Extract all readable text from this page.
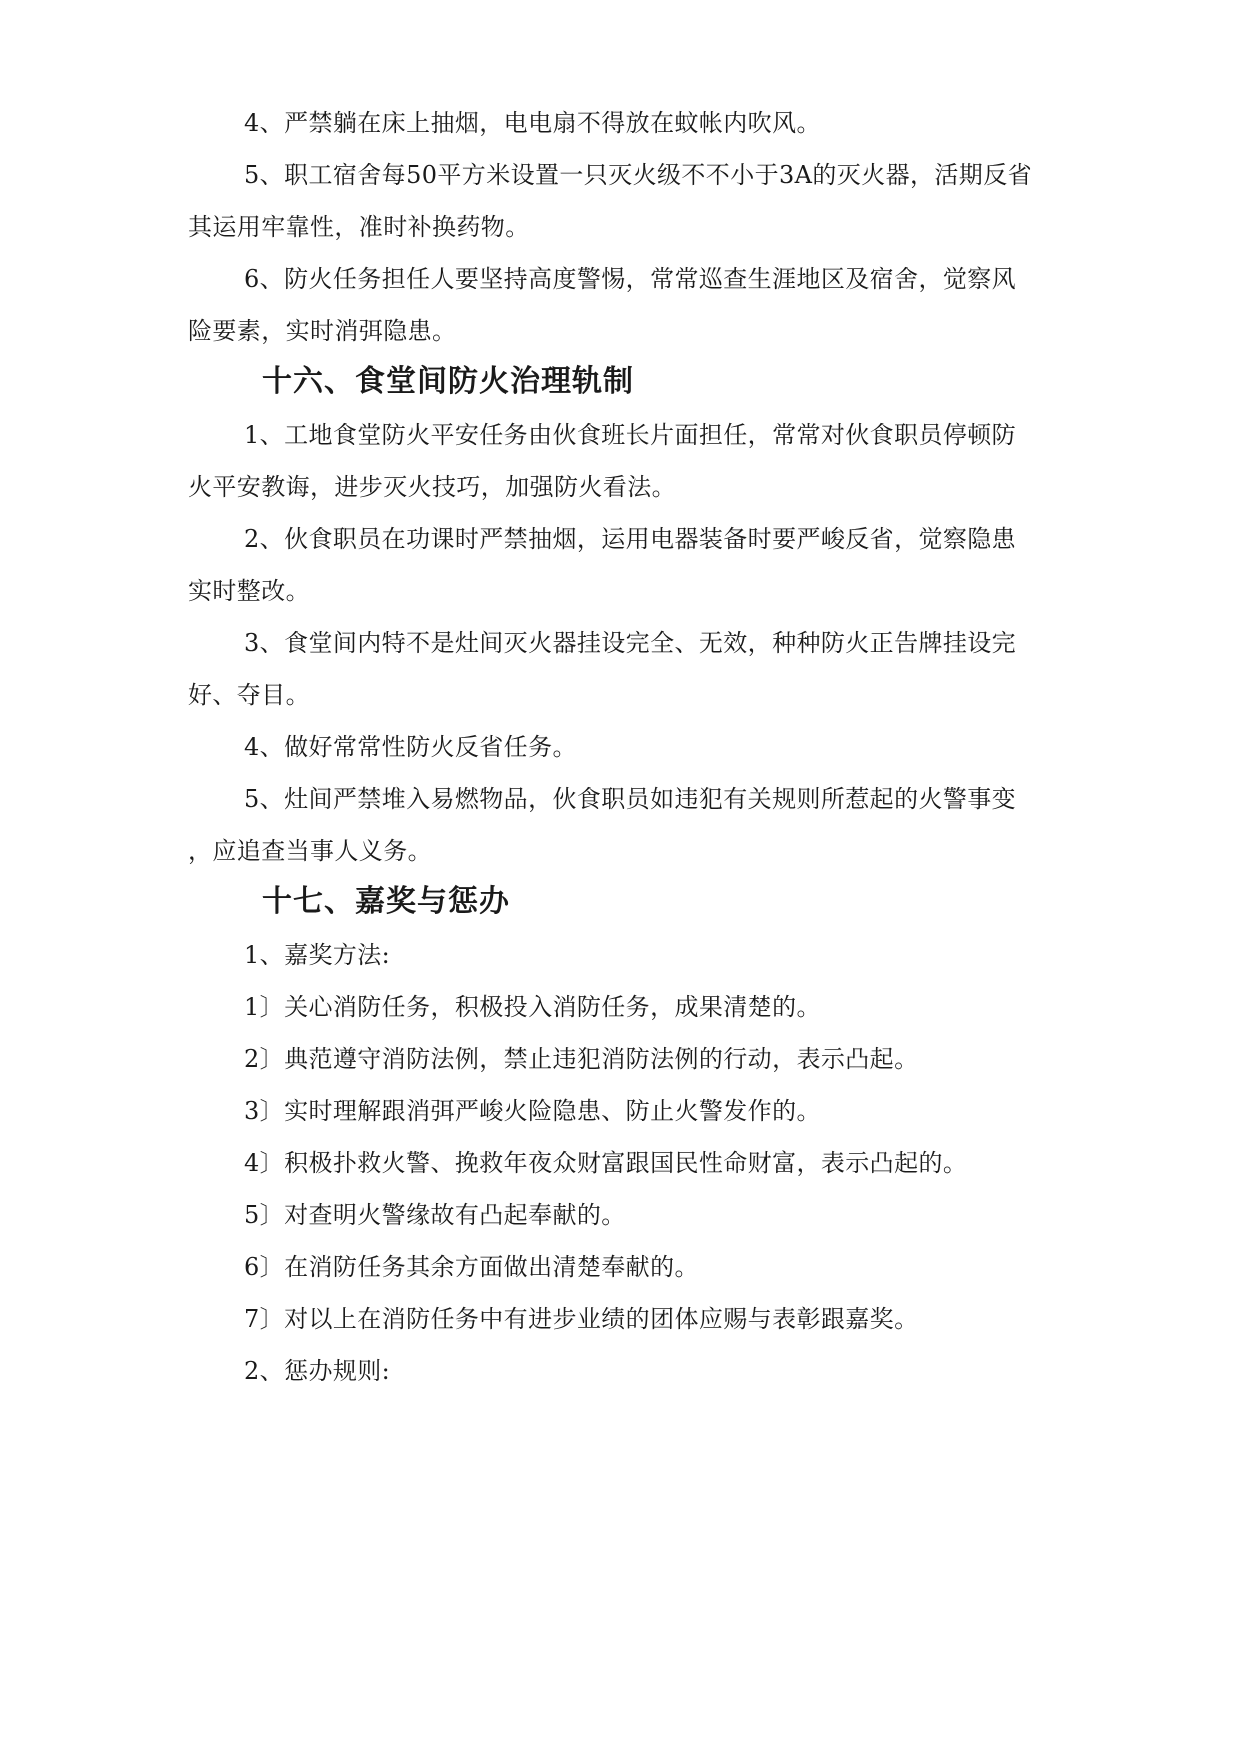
4、严禁躺在床上抽烟，电电扇不得放在蚊帐内吹风。

5、职工宿舍每50平方米设置一只灭火级不不小于3A的灭火器，活期反省

其运用牢靠性，准时补换药物。

6、防火任务担任人要坚持高度警惕，常常巡查生涯地区及宿舍，觉察风

险要素，实时消弭隐患。

十六、食堂间防火治理轨制

1、工地食堂防火平安任务由伙食班长片面担任，常常对伙食职员停顿防

火平安教诲，进步灭火技巧，加强防火看法。

2、伙食职员在功课时严禁抽烟，运用电器装备时要严峻反省，觉察隐患

实时整改。

3、食堂间内特不是灶间灭火器挂设完全、无效，种种防火正告牌挂设完

好、夺目。

4、做好常常性防火反省任务。

5、灶间严禁堆入易燃物品，伙食职员如违犯有关规则所惹起的火警事变

，应追查当事人义务。

十七、嘉奖与惩办

1、嘉奖方法:

1〕关心消防任务，积极投入消防任务，成果清楚的。

2〕典范遵守消防法例，禁止违犯消防法例的行动，表示凸起。

3〕实时理解跟消弭严峻火险隐患、防止火警发作的。

4〕积极扑救火警、挽救年夜众财富跟国民性命财富，表示凸起的。

5〕对查明火警缘故有凸起奉献的。

6〕在消防任务其余方面做出清楚奉献的。

7〕对以上在消防任务中有进步业绩的团体应赐与表彰跟嘉奖。

2、惩办规则:
